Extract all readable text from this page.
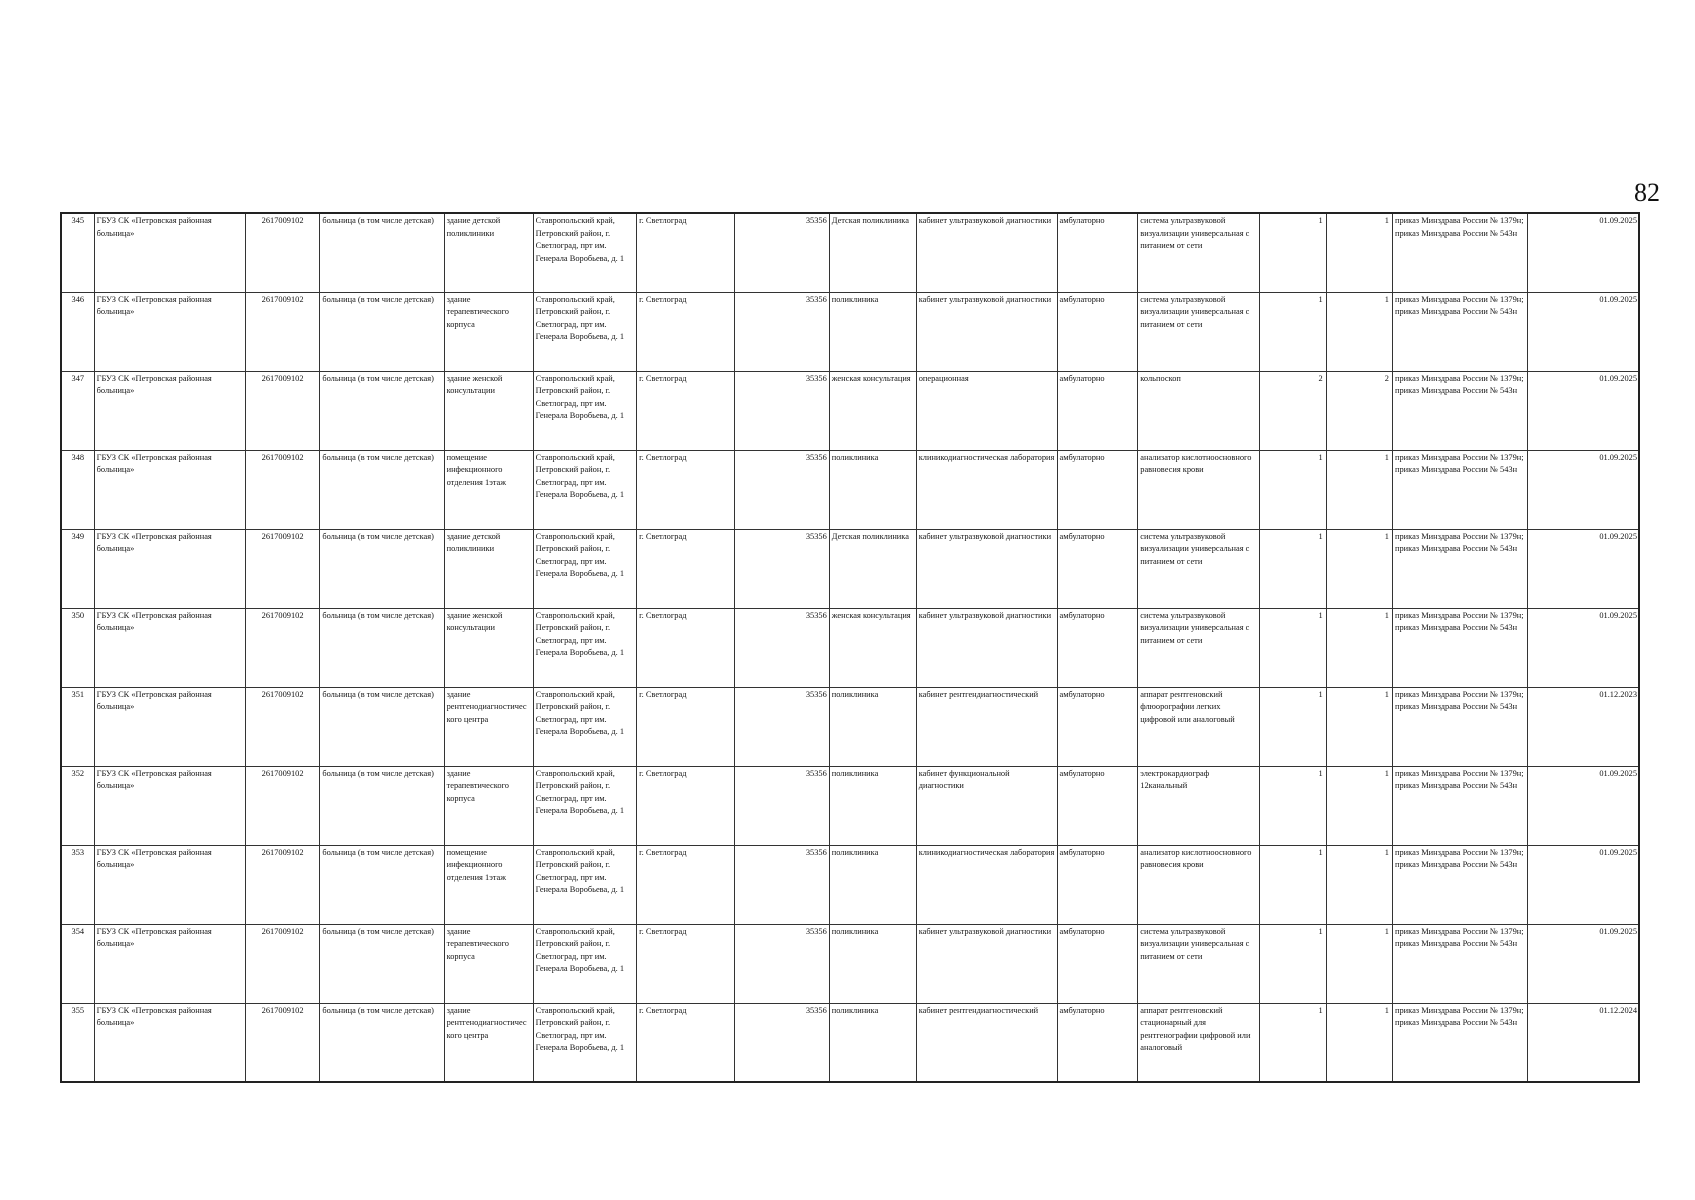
82
345	ГБУЗ СК «Петровская районная больница»	2617009102	больница (в том числе детская)	здание детской поликлиники	Ставропольский край, Петровский район, г. Светлоград, прт им. Генерала Воробьева, д. 1	г. Светлоград	35356	Детская поликлиника	кабинет ультразвуковой диагностики	амбулаторно	система ультразвуковой визуализации универсальная с питанием от сети	1	1	приказ Минздрава России № 1379н; приказ Минздрава России № 543н	01.09.2025
346	ГБУЗ СК «Петровская районная больница»	2617009102	больница (в том числе детская)	здание терапевтического корпуса	Ставропольский край, Петровский район, г. Светлоград, прт им. Генерала Воробьева, д. 1	г. Светлоград	35356	поликлиника	кабинет ультразвуковой диагностики	амбулаторно	система ультразвуковой визуализации универсальная с питанием от сети	1	1	приказ Минздрава России № 1379н; приказ Минздрава России № 543н	01.09.2025
347	ГБУЗ СК «Петровская районная больница»	2617009102	больница (в том числе детская)	здание женской консультации	Ставропольский край, Петровский район, г. Светлоград, прт им. Генерала Воробьева, д. 1	г. Светлоград	35356	женская консультация	операционная	амбулаторно	кольпоскоп	2	2	приказ Минздрава России № 1379н; приказ Минздрава России № 543н	01.09.2025
348	ГБУЗ СК «Петровская районная больница»	2617009102	больница (в том числе детская)	помещение инфекционного отделения 1этаж	Ставропольский край, Петровский район, г. Светлоград, прт им. Генерала Воробьева, д. 1	г. Светлоград	35356	поликлиника	клиникодиагностическая лаборатория	амбулаторно	анализатор кислотноосновного равновесия крови	1	1	приказ Минздрава России № 1379н; приказ Минздрава России № 543н	01.09.2025
349	ГБУЗ СК «Петровская районная больница»	2617009102	больница (в том числе детская)	здание детской поликлиники	Ставропольский край, Петровский район, г. Светлоград, прт им. Генерала Воробьева, д. 1	г. Светлоград	35356	Детская поликлиника	кабинет ультразвуковой диагностики	амбулаторно	система ультразвуковой визуализации универсальная с питанием от сети	1	1	приказ Минздрава России № 1379н; приказ Минздрава России № 543н	01.09.2025
350	ГБУЗ СК «Петровская районная больница»	2617009102	больница (в том числе детская)	здание женской консультации	Ставропольский край, Петровский район, г. Светлоград, прт им. Генерала Воробьева, д. 1	г. Светлоград	35356	женская консультация	кабинет ультразвуковой диагностики	амбулаторно	система ультразвуковой визуализации универсальная с питанием от сети	1	1	приказ Минздрава России № 1379н; приказ Минздрава России № 543н	01.09.2025
351	ГБУЗ СК «Петровская районная больница»	2617009102	больница (в том числе детская)	здание рентгенодиагностического центра	Ставропольский край, Петровский район, г. Светлоград, прт им. Генерала Воробьева, д. 1	г. Светлоград	35356	поликлиника	кабинет рентгендиагностический	амбулаторно	аппарат рентгеновский флюорографии легких цифровой или аналоговый	1	1	приказ Минздрава России № 1379н; приказ Минздрава России № 543н	01.12.2023
352	ГБУЗ СК «Петровская районная больница»	2617009102	больница (в том числе детская)	здание терапевтического корпуса	Ставропольский край, Петровский район, г. Светлоград, прт им. Генерала Воробьева, д. 1	г. Светлоград	35356	поликлиника	кабинет функциональной диагностики	амбулаторно	электрокардиограф 12канальный	1	1	приказ Минздрава России № 1379н; приказ Минздрава России № 543н	01.09.2025
353	ГБУЗ СК «Петровская районная больница»	2617009102	больница (в том числе детская)	помещение инфекционного отделения 1этаж	Ставропольский край, Петровский район, г. Светлоград, прт им. Генерала Воробьева, д. 1	г. Светлоград	35356	поликлиника	клиникодиагностическая лаборатория	амбулаторно	анализатор кислотноосновного равновесия крови	1	1	приказ Минздрава России № 1379н; приказ Минздрава России № 543н	01.09.2025
354	ГБУЗ СК «Петровская районная больница»	2617009102	больница (в том числе детская)	здание терапевтического корпуса	Ставропольский край, Петровский район, г. Светлоград, прт им. Генерала Воробьева, д. 1	г. Светлоград	35356	поликлиника	кабинет ультразвуковой диагностики	амбулаторно	система ультразвуковой визуализации универсальная с питанием от сети	1	1	приказ Минздрава России № 1379н; приказ Минздрава России № 543н	01.09.2025
355	ГБУЗ СК «Петровская районная больница»	2617009102	больница (в том числе детская)	здание рентгенодиагностического центра	Ставропольский край, Петровский район, г. Светлоград, прт им. Генерала Воробьева, д. 1	г. Светлоград	35356	поликлиника	кабинет рентгендиагностический	амбулаторно	аппарат рентгеновский стационарный для рентгенографии цифровой или аналоговый	1	1	приказ Минздрава России № 1379н; приказ Минздрава России № 543н	01.12.2024
